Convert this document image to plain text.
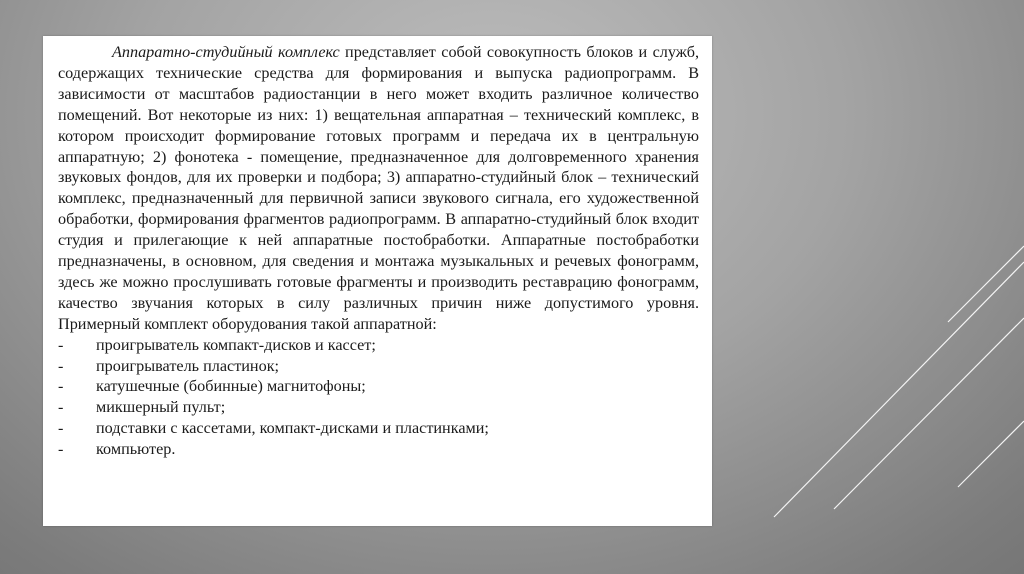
Аппаратно-студийный комплекс представляет собой совокупность блоков и служб, содержащих технические средства для формирования и выпуска радиопрограмм. В зависимости от масштабов радиостанции в него может входить различное количество помещений. Вот некоторые из них: 1) вещательная аппаратная – технический комплекс, в котором происходит формирование готовых программ и передача их в центральную аппаратную; 2) фонотека - помещение, предназначенное для долговременного хранения звуковых фондов, для их проверки и подбора; 3) аппаратно-студийный блок – технический комплекс, предназначенный для первичной записи звукового сигнала, его художественной обработки, формирования фрагментов радиопрограмм. В аппаратно-студийный блок входит студия и прилегающие к ней аппаратные постобработки. Аппаратные постобработки предназначены, в основном, для сведения и монтажа музыкальных и речевых фонограмм, здесь же можно прослушивать готовые фрагменты и производить реставрацию фонограмм, качество звучания которых в силу различных причин ниже допустимого уровня. Примерный комплект оборудования такой аппаратной:

- проигрыватель компакт-дисков и кассет;
- проигрыватель пластинок;
- катушечные (бобинные) магнитофоны;
- микшерный пульт;
- подставки с кассетами, компакт-дисками и пластинками;
- компьютер.
